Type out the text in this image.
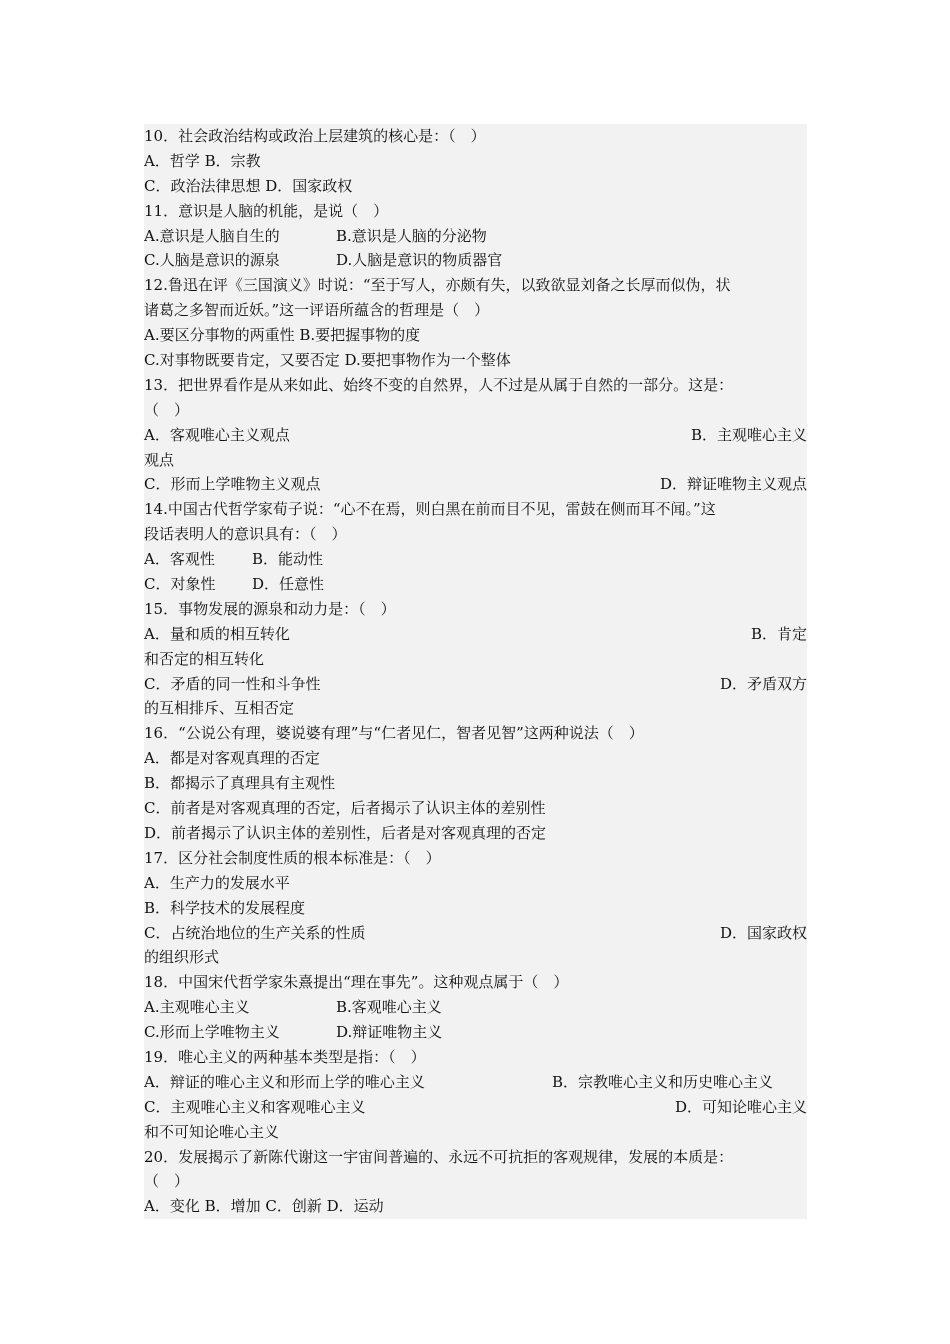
10．社会政治结构或政治上层建筑的核心是：（　）
A．哲学 B．宗教
C．政治法律思想 D．国家政权
11．意识是人脑的机能，是说（　）
A.意识是人脑自生的	B.意识是人脑的分泌物
C.人脑是意识的源泉	D.人脑是意识的物质器官
12.鲁迅在评《三国演义》时说：“至于写人，亦颇有失，以致欲显刘备之长厚而似伪，状
诸葛之多智而近妖。”这一评语所蕴含的哲理是（　）
A.要区分事物的两重性 B.要把握事物的度
C.对事物既要肯定，又要否定 D.要把事物作为一个整体
13．把世界看作是从来如此、始终不变的自然界，人不过是从属于自然的一部分。这是：
（　）
A．客观唯心主义观点	B．主观唯心主义
观点
C．形而上学唯物主义观点	D．辩证唯物主义观点
14.中国古代哲学家荀子说：“心不在焉，则白黑在前而目不见，雷鼓在侧而耳不闻。”这
段话表明人的意识具有：（　）
A．客观性 B．能动性
C．对象性 D．任意性
15．事物发展的源泉和动力是：（　）
A．量和质的相互转化	B．肯定
和否定的相互转化
C．矛盾的同一性和斗争性	D．矛盾双方
的互相排斥、互相否定
16．“公说公有理，婆说婆有理”与“仁者见仁，智者见智”这两种说法（　）
A．都是对客观真理的否定
B．都揭示了真理具有主观性
C．前者是对客观真理的否定，后者揭示了认识主体的差别性
D．前者揭示了认识主体的差别性，后者是对客观真理的否定
17．区分社会制度性质的根本标准是：（　）
A．生产力的发展水平
B．科学技术的发展程度
C．占统治地位的生产关系的性质	D．国家政权
的组织形式
18．中国宋代哲学家朱熹提出“理在事先”。这种观点属于（　）
A.主观唯心主义	B.客观唯心主义
C.形而上学唯物主义	D.辩证唯物主义
19．唯心主义的两种基本类型是指：（　）
A．辩证的唯心主义和形而上学的唯心主义	B．宗教唯心主义和历史唯心主义
C．主观唯心主义和客观唯心主义	D．可知论唯心主义
和不可知论唯心主义
20．发展揭示了新陈代谢这一宇宙间普遍的、永远不可抗拒的客观规律，发展的本质是：
（　）
A．变化 B．增加 C．创新 D．运动
